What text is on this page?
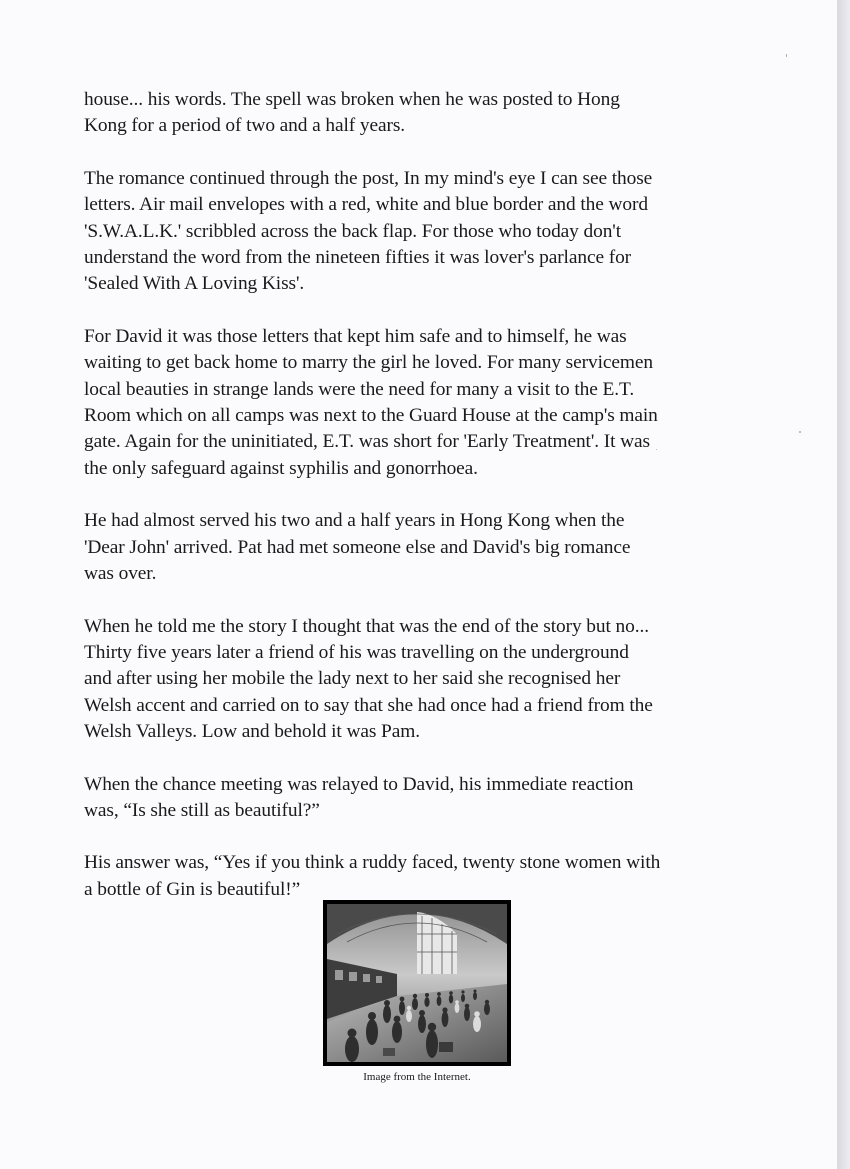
house... his words. The spell was broken when he was posted to Hong
Kong for a period of two and a half years.

The romance continued through the post, In my mind's eye I can see those
letters. Air mail envelopes with a red, white and blue border and the word
'S.W.A.L.K.' scribbled across the back flap. For those who today don't
understand the word from the nineteen fifties it was lover's parlance for
'Sealed With A Loving Kiss'.

For David it was those letters that kept him safe and to himself, he was
waiting to get back home to marry the girl he loved. For many servicemen
local beauties in strange lands were the need for many a visit to the E.T.
Room which on all camps was next to the Guard House at the camp's main
gate. Again for the uninitiated, E.T. was short for 'Early Treatment'. It was
the only safeguard against syphilis and gonorrhoea.

He had almost served his two and a half years in Hong Kong when the
'Dear John' arrived. Pat had met someone else and David's big romance
was over.

When he told me the story I thought that was the end of the story but no...
Thirty five years later a friend of his was travelling on the underground
and after using her mobile the lady next to her said she recognised her
Welsh accent and carried on to say that she had once had a friend from the
Welsh Valleys. Low and behold it was Pam.

When the chance meeting was relayed to David, his immediate reaction
was, “Is she still as beautiful?”

His answer was, “Yes if you think a ruddy faced, twenty stone women with
a bottle of Gin is beautiful!”

Image from the Internet.
